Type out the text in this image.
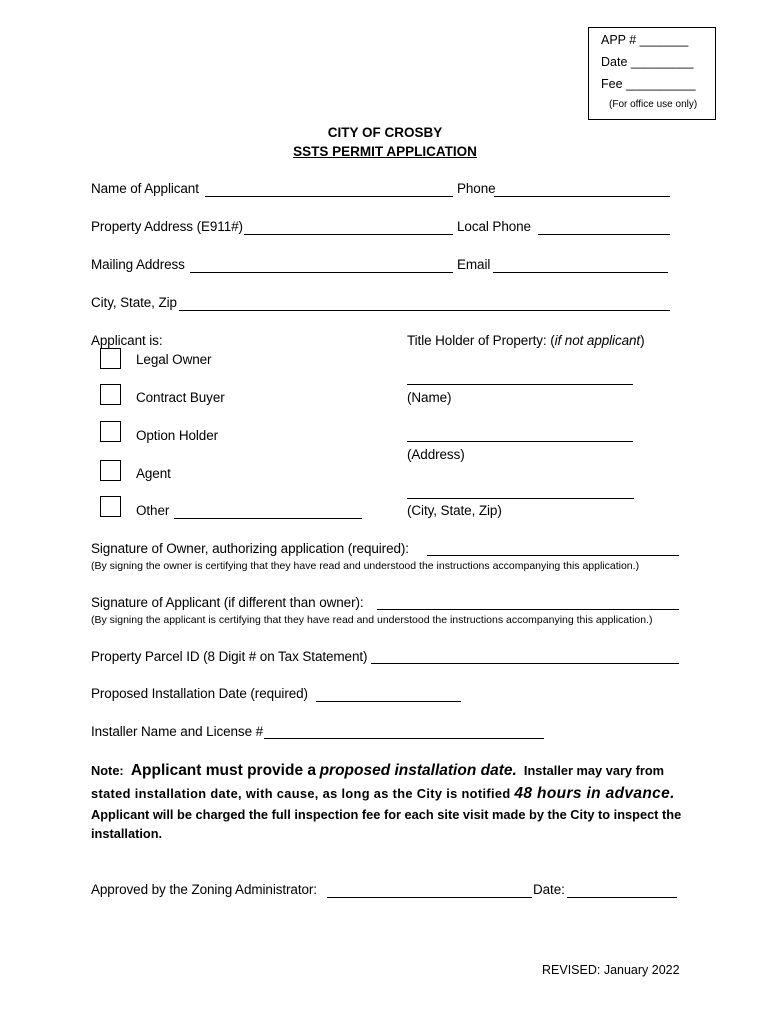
APP # _______
Date _________
Fee __________
(For office use only)
CITY OF CROSBY
SSTS PERMIT APPLICATION
Name of Applicant	Phone
Property Address (E911#)	Local Phone
Mailing Address	Email
City, State, Zip
Applicant is:
Legal Owner
Contract Buyer
Option Holder
Agent
Other
Title Holder of Property: (if not applicant)
(Name)
(Address)
(City, State, Zip)
Signature of Owner, authorizing application (required):
(By signing the owner is certifying that they have read and understood the instructions accompanying this application.)
Signature of Applicant (if different than owner):
(By signing the applicant is certifying that they have read and understood the instructions accompanying this application.)
Property Parcel ID (8 Digit # on Tax Statement)
Proposed Installation Date (required)
Installer Name and License #
Note: Applicant must provide a proposed installation date. Installer may vary from
stated installation date, with cause, as long as the City is notified 48 hours in advance.
Applicant will be charged the full inspection fee for each site visit made by the City to inspect the
installation.
Approved by the Zoning Administrator:	Date:
REVISED: January 2022
